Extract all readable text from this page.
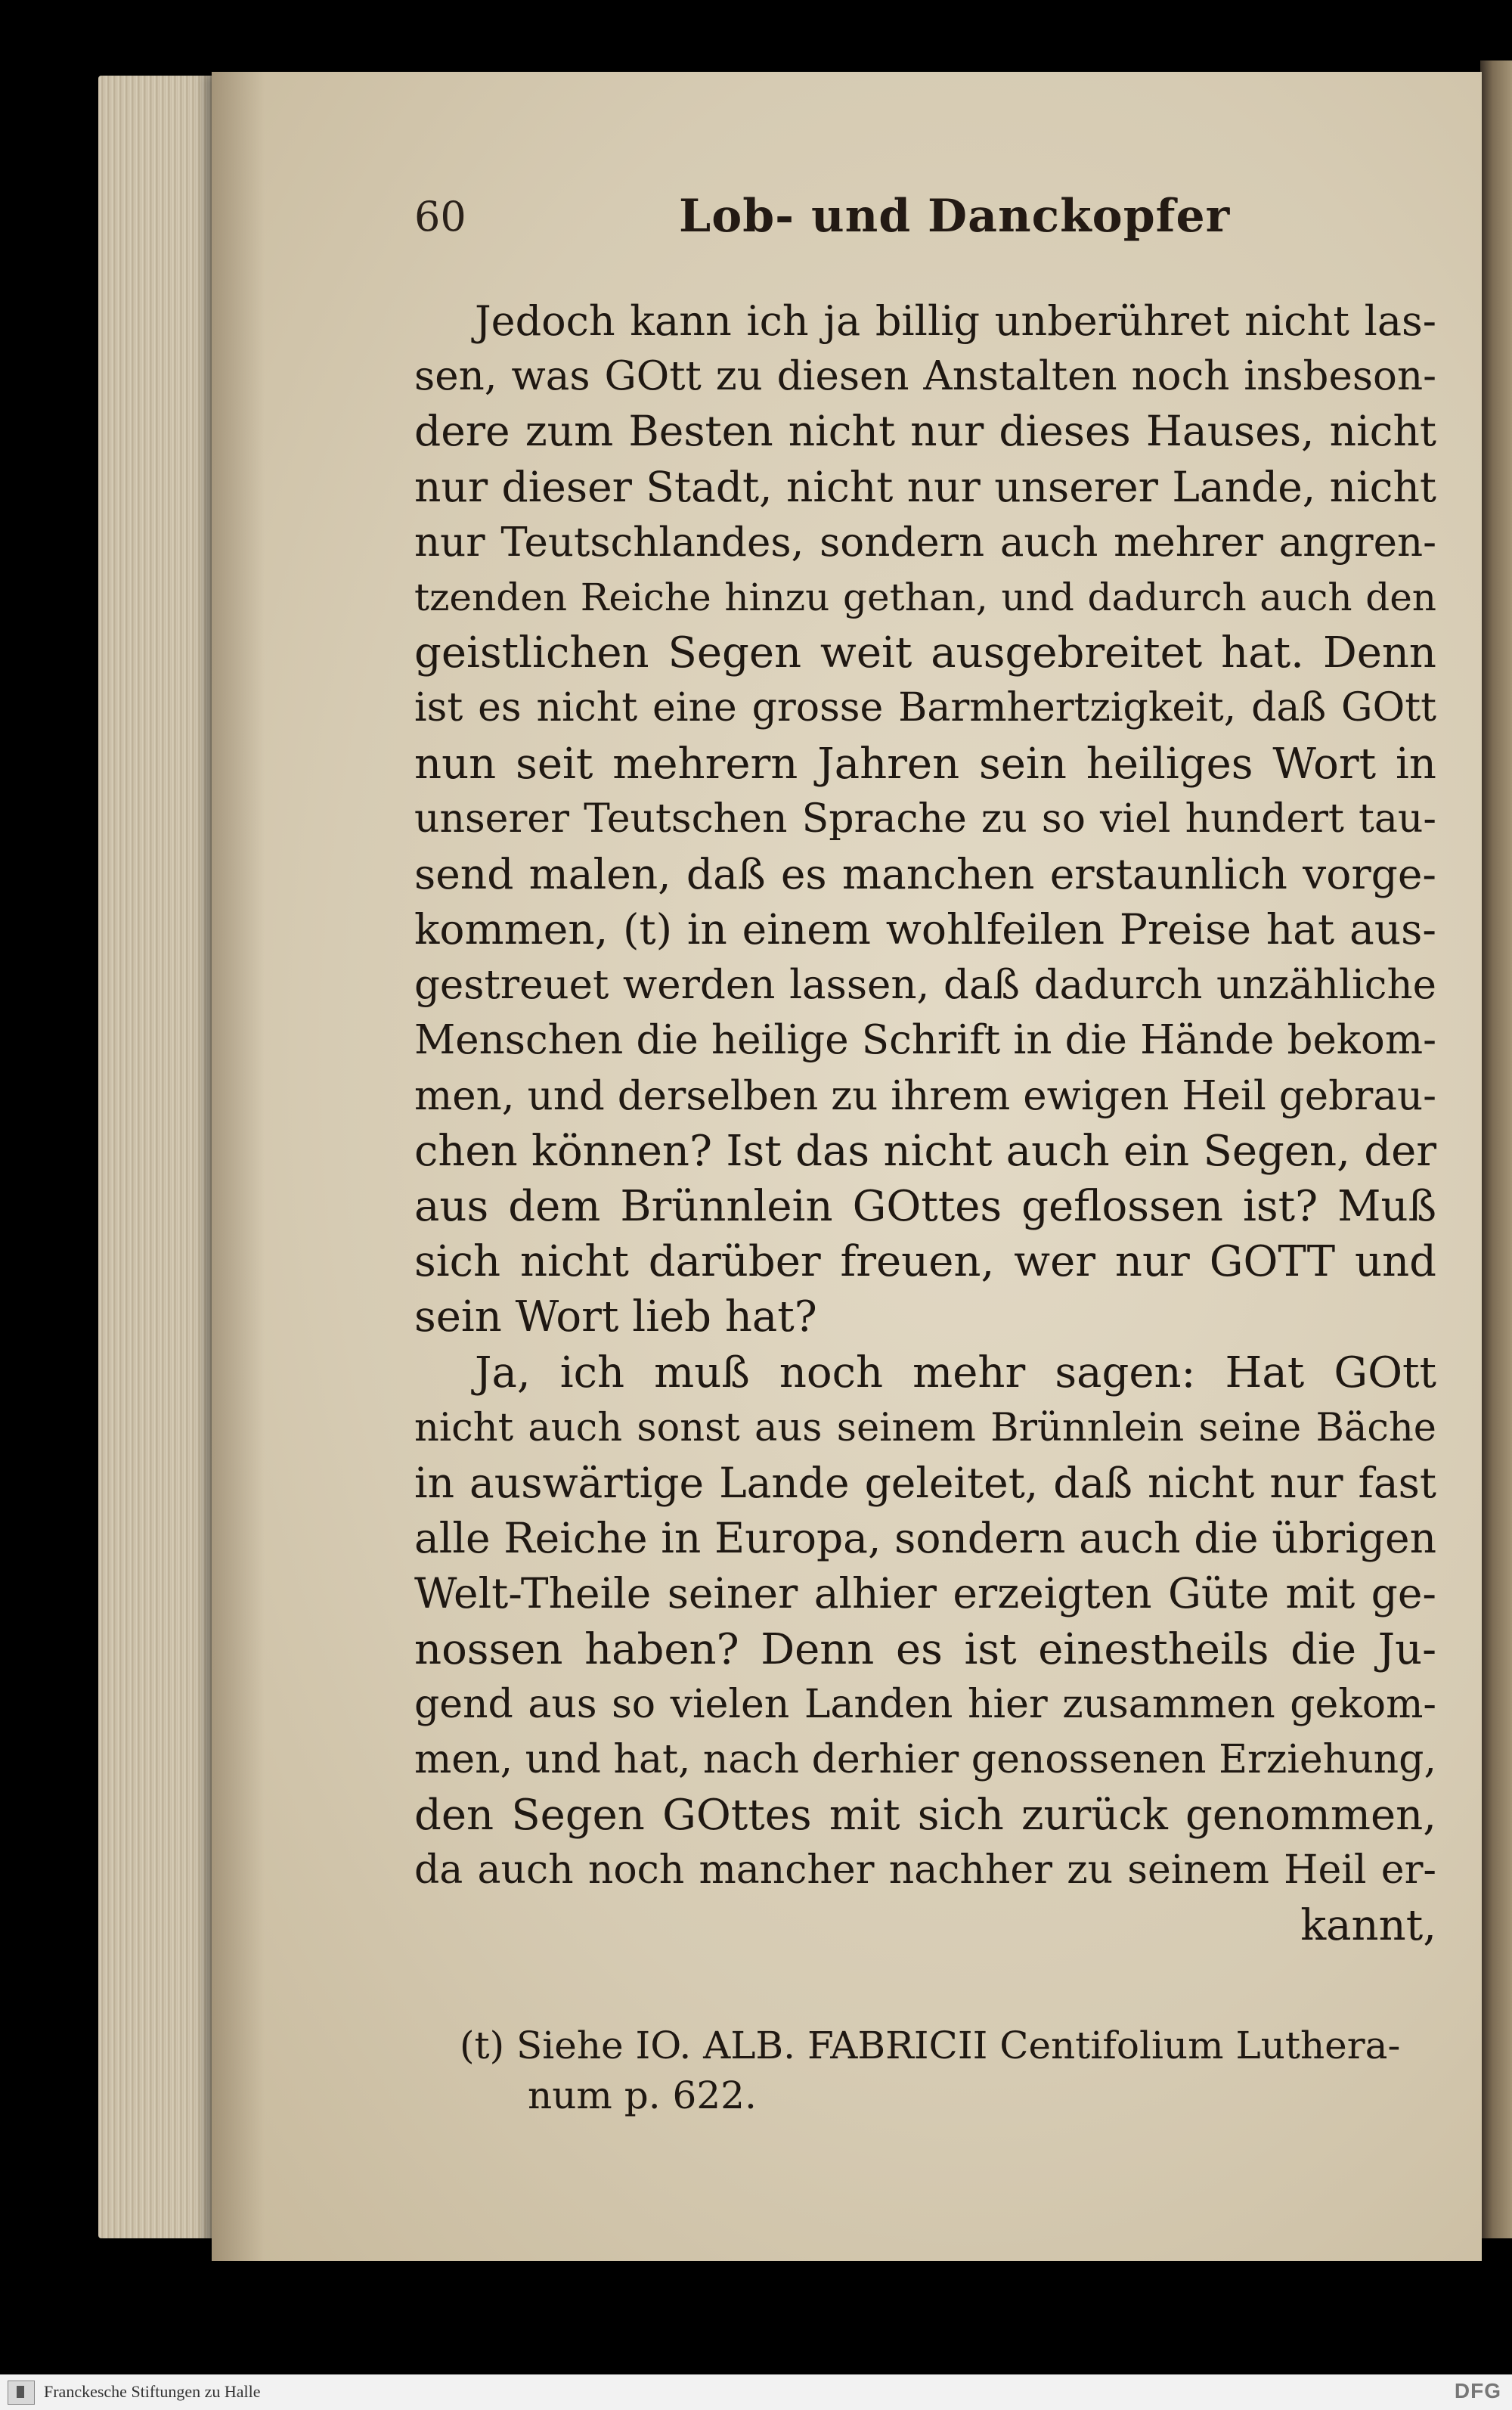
60	Lob- und Danckopfer
Jedoch kann ich ja billig unberühret nicht las-
sen, was GOtt zu diesen Anstalten noch insbeson-
dere zum Besten nicht nur dieses Hauses, nicht
nur dieser Stadt, nicht nur unserer Lande, nicht
nur Teutschlandes, sondern auch mehrer angren-
tzenden Reiche hinzu gethan, und dadurch auch den
geistlichen Segen weit ausgebreitet hat. Denn
ist es nicht eine grosse Barmhertzigkeit, daß GOtt
nun seit mehrern Jahren sein heiliges Wort in
unserer Teutschen Sprache zu so viel hundert tau-
send malen, daß es manchen erstaunlich vorge-
kommen, (t) in einem wohlfeilen Preise hat aus-
gestreuet werden lassen, daß dadurch unzähliche
Menschen die heilige Schrift in die Hände bekom-
men, und derselben zu ihrem ewigen Heil gebrau-
chen können? Ist das nicht auch ein Segen, der
aus dem Brünnlein GOttes geflossen ist? Muß
sich nicht darüber freuen, wer nur GOTT und
sein Wort lieb hat?
Ja, ich muß noch mehr sagen: Hat GOtt
nicht auch sonst aus seinem Brünnlein seine Bäche
in auswärtige Lande geleitet, daß nicht nur fast
alle Reiche in Europa, sondern auch die übrigen
Welt-Theile seiner alhier erzeigten Güte mit ge-
nossen haben? Denn es ist einestheils die Ju-
gend aus so vielen Landen hier zusammen gekom-
men, und hat, nach derhier genossenen Erziehung,
den Segen GOttes mit sich zurück genommen,
da auch noch mancher nachher zu seinem Heil er-
kannt,
(t) Siehe IO. ALB. FABRICII Centifolium Luthera-
num p. 622.
Franckesche Stiftungen zu Halle	DFG
